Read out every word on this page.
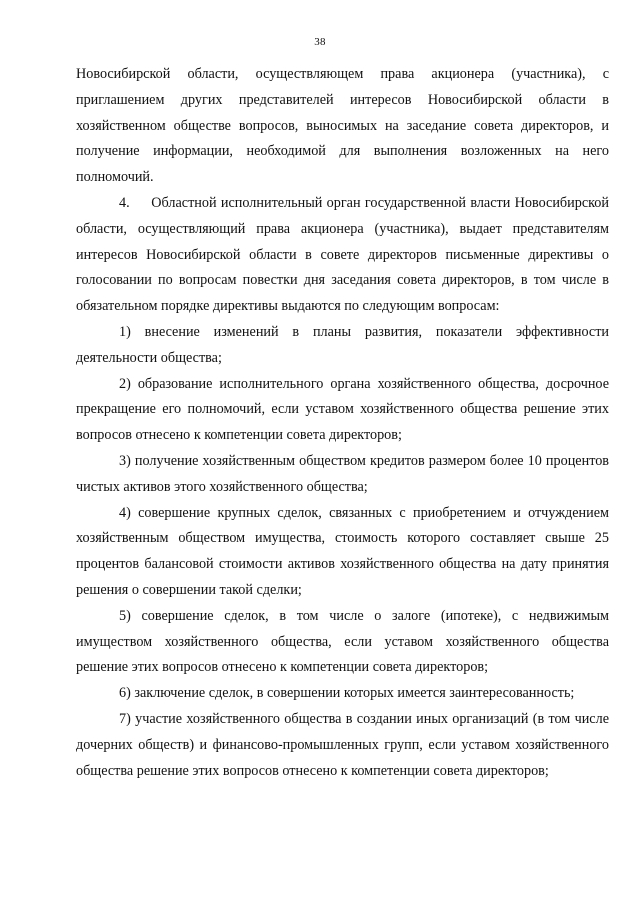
38

Новосибирской области, осуществляющем права акционера (участника), с приглашением других представителей интересов Новосибирской области в хозяйственном обществе вопросов, выносимых на заседание совета директоров, и получение информации, необходимой для выполнения возложенных на него полномочий.

4.     Областной исполнительный орган государственной власти Новосибирской области, осуществляющий права акционера (участника), выдает представителям интересов Новосибирской области в совете директоров письменные директивы о голосовании по вопросам повестки дня заседания совета директоров, в том числе в обязательном порядке директивы выдаются по следующим вопросам:

1) внесение изменений в планы развития, показатели эффективности деятельности общества;

2) образование исполнительного органа хозяйственного общества, досрочное прекращение его полномочий, если уставом хозяйственного общества решение этих вопросов отнесено к компетенции совета директоров;

3) получение хозяйственным обществом кредитов размером более 10 процентов чистых активов этого хозяйственного общества;

4) совершение крупных сделок, связанных с приобретением и отчуждением хозяйственным обществом имущества, стоимость которого составляет свыше 25 процентов балансовой стоимости активов хозяйственного общества на дату принятия решения о совершении такой сделки;

5) совершение сделок, в том числе о залоге (ипотеке), с недвижимым имуществом хозяйственного общества, если уставом хозяйственного общества решение этих вопросов отнесено к компетенции совета директоров;

6) заключение сделок, в совершении которых имеется заинтересованность;

7) участие хозяйственного общества в создании иных организаций (в том числе дочерних обществ) и финансово-промышленных групп, если уставом хозяйственного общества решение этих вопросов отнесено к компетенции совета директоров;
